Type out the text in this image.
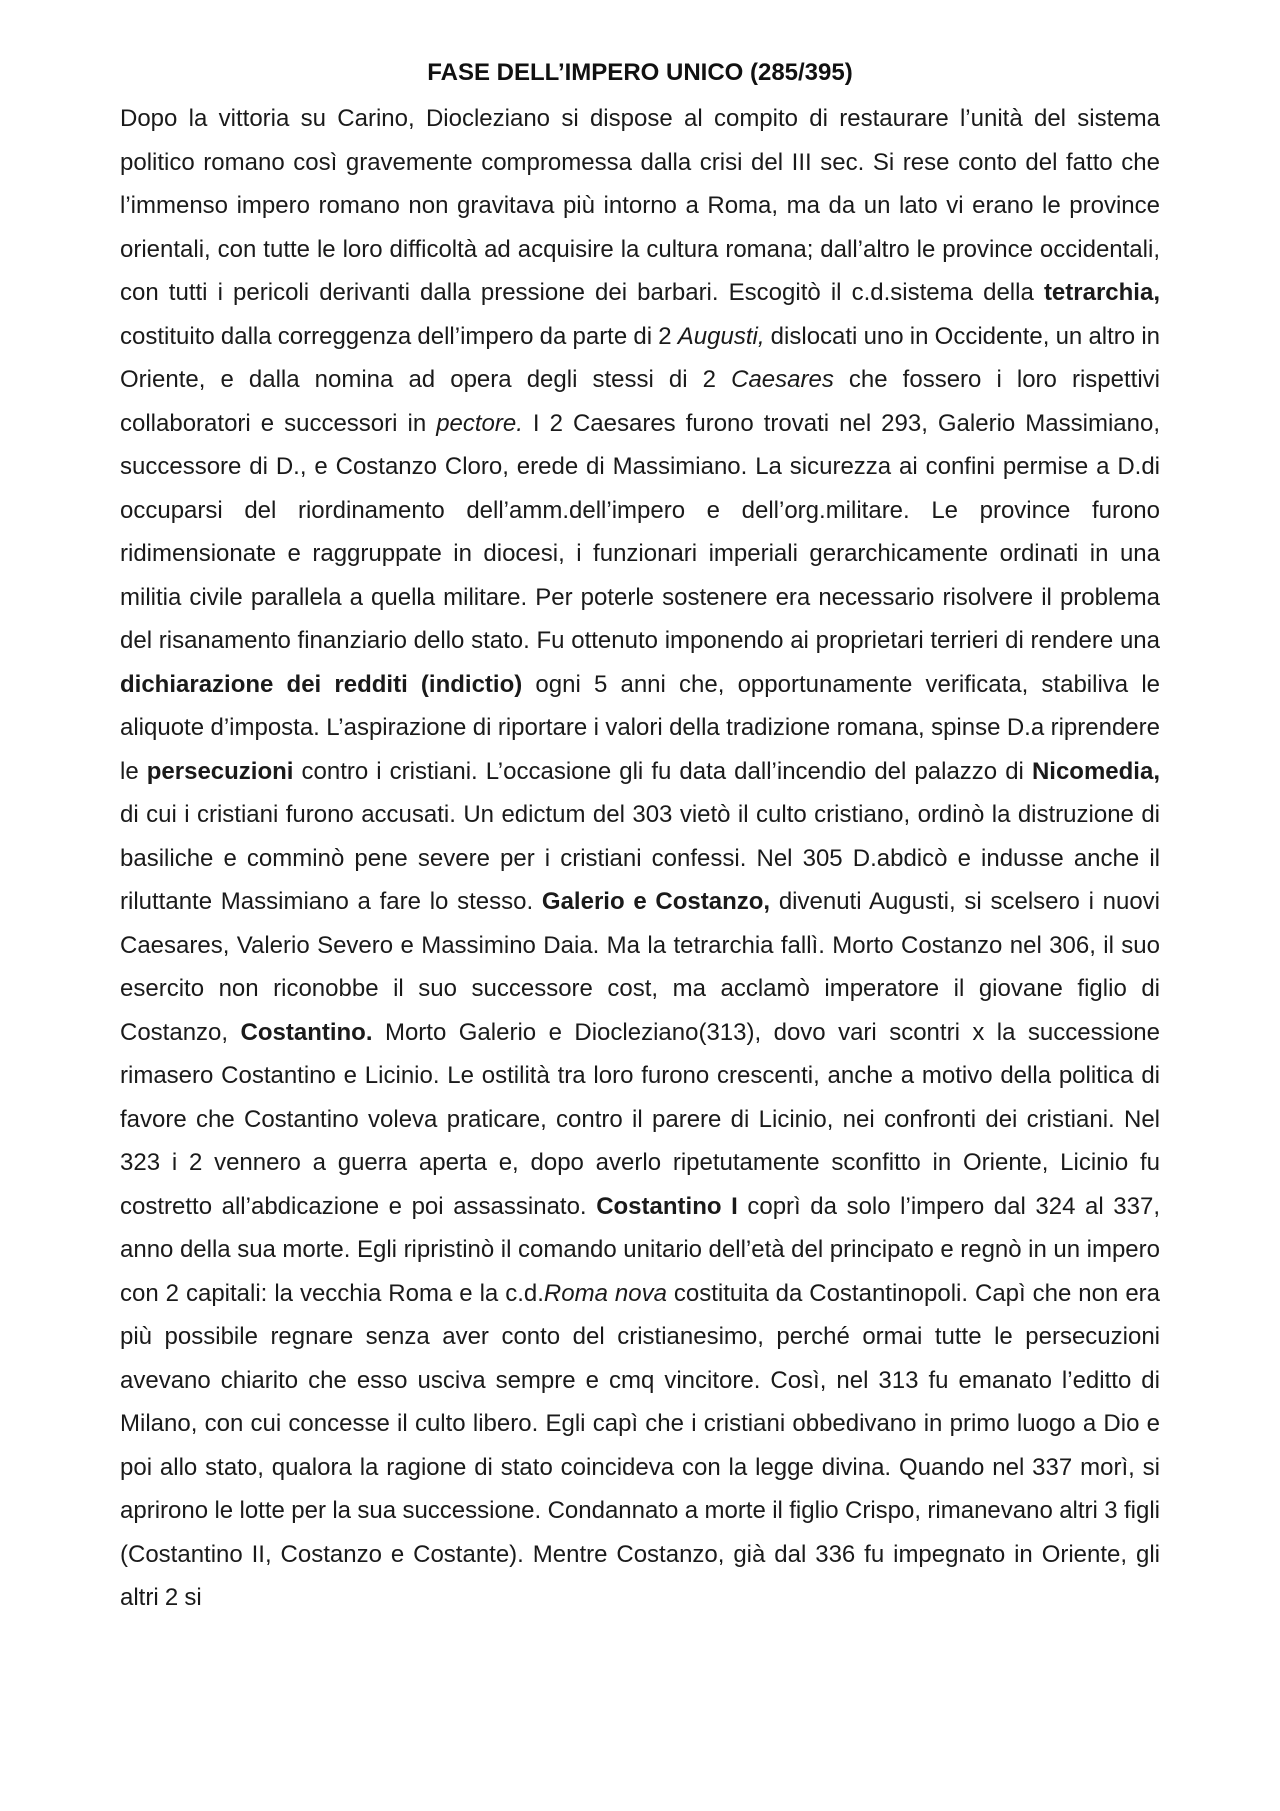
FASE DELL’IMPERO UNICO (285/395)

Dopo la vittoria su Carino, Diocleziano si dispose al compito di restaurare l’unità del sistema politico romano così gravemente compromessa dalla crisi del III sec. Si rese conto del fatto che l’immenso impero romano non gravitava più intorno a Roma, ma da un lato vi erano le province orientali, con tutte le loro difficoltà ad acquisire la cultura romana; dall’altro le province occidentali, con tutti i pericoli derivanti dalla pressione dei barbari. Escogitò il c.d.sistema della tetrarchia, costituito dalla correggenza dell’impero da parte di 2 Augusti, dislocati uno in Occidente, un altro in Oriente, e dalla nomina ad opera degli stessi di 2 Caesares che fossero i loro rispettivi collaboratori e successori in pectore. I 2 Caesares furono trovati nel 293, Galerio Massimiano, successore di D., e Costanzo Cloro, erede di Massimiano. La sicurezza ai confini permise a D.di occuparsi del riordinamento dell’amm.dell’impero e dell’org.militare. Le province furono ridimensionate e raggruppate in diocesi, i funzionari imperiali gerarchicamente ordinati in una militia civile parallela a quella militare. Per poterle sostenere era necessario risolvere il problema del risanamento finanziario dello stato. Fu ottenuto imponendo ai proprietari terrieri di rendere una dichiarazione dei redditi (indictio) ogni 5 anni che, opportunamente verificata, stabiliva le aliquote d’imposta. L’aspirazione di riportare i valori della tradizione romana, spinse D.a riprendere le persecuzioni contro i cristiani. L’occasione gli fu data dall’incendio del palazzo di Nicomedia, di cui i cristiani furono accusati. Un edictum del 303 vietò il culto cristiano, ordinò la distruzione di basiliche e comminò pene severe per i cristiani confessi. Nel 305 D.abdicò e indusse anche il riluttante Massimiano a fare lo stesso. Galerio e Costanzo, divenuti Augusti, si scelsero i nuovi Caesares, Valerio Severo e Massimino Daia. Ma la tetrarchia fallì. Morto Costanzo nel 306, il suo esercito non riconobbe il suo successore cost, ma acclamò imperatore il giovane figlio di Costanzo, Costantino. Morto Galerio e Diocleziano(313), dovo vari scontri x la successione rimasero Costantino e Licinio. Le ostilità tra loro furono crescenti, anche a motivo della politica di favore che Costantino voleva praticare, contro il parere di Licinio, nei confronti dei cristiani. Nel 323 i 2 vennero a guerra aperta e, dopo averlo ripetutamente sconfitto in Oriente, Licinio fu costretto all’abdicazione e poi assassinato. Costantino I coprì da solo l’impero dal 324 al 337, anno della sua morte. Egli ripristinò il comando unitario dell’età del principato e regnò in un impero con 2 capitali: la vecchia Roma e la c.d.Roma nova costituita da Costantinopoli. Capì che non era più possibile regnare senza aver conto del cristianesimo, perché ormai tutte le persecuzioni avevano chiarito che esso usciva sempre e cmq vincitore. Così, nel 313 fu emanato l’editto di Milano, con cui concesse il culto libero. Egli capì che i cristiani obbedivano in primo luogo a Dio e poi allo stato, qualora la ragione di stato coincideva con la legge divina. Quando nel 337 morì, si aprirono le lotte per la sua successione. Condannato a morte il figlio Crispo, rimanevano altri 3 figli (Costantino II, Costanzo e Costante). Mentre Costanzo, già dal 336 fu impegnato in Oriente, gli altri 2 si
